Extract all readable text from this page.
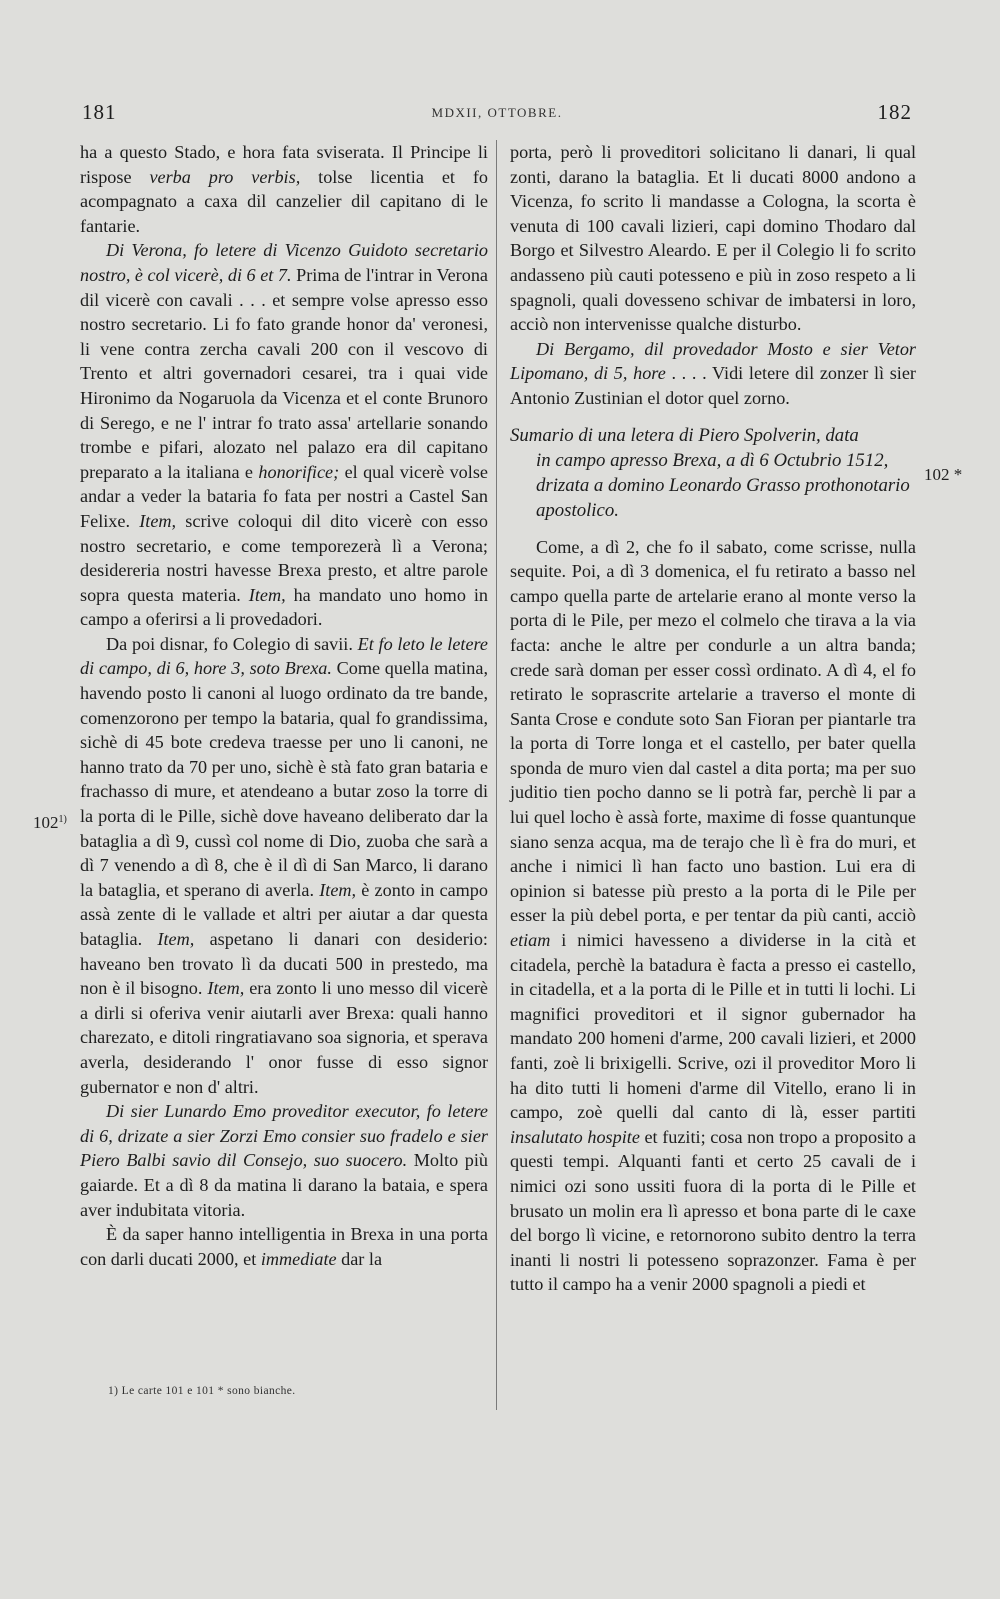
181	MDXII, OTTOBRE.	182
102$^{1)}$
102 *

ha a questo Stado, e hora fata sviserata. Il Principe li rispose verba pro verbis, tolse licentia et fo acompagnato a caxa dil canzelier dil capitano di le fantarie.

Di Verona, fo letere di Vicenzo Guidoto secretario nostro, è col vicerè, di 6 et 7. Prima de l'intrar in Verona dil vicerè con cavali . . . et sempre volse apresso esso nostro secretario. Li fo fato grande honor da' veronesi, li vene contra zercha cavali 200 con il vescovo di Trento et altri governadori cesarei, tra i quai vide Hironimo da Nogaruola da Vicenza et el conte Brunoro di Serego, e ne l' intrar fo trato assa' artellarie sonando trombe e pifari, alozato nel palazo era dil capitano preparato a la italiana e honorifice; el qual vicerè volse andar a veder la bataria fo fata per nostri a Castel San Felixe. Item, scrive coloqui dil dito vicerè con esso nostro secretario, e come temporezerà lì a Verona; desidereria nostri havesse Brexa presto, et altre parole sopra questa materia. Item, ha mandato uno homo in campo a oferirsi a li provedadori.

Da poi disnar, fo Colegio di savii. Et fo leto le letere di campo, di 6, hore 3, soto Brexa. Come quella matina, havendo posto li canoni al luogo ordinato da tre bande, comenzorono per tempo la bataria, qual fo grandissima, sichè di 45 bote credeva traesse per uno li canoni, ne hanno trato da 70 per uno, sichè è stà fato gran bataria e frachasso di mure, et atendeano a butar zoso la torre di la porta di le Pille, sichè dove haveano deliberato dar la bataglia a dì 9, cussì col nome di Dio, zuoba che sarà a dì 7 venendo a dì 8, che è il dì di San Marco, li darano la bataglia, et sperano di averla. Item, è zonto in campo assà zente di le vallade et altri per aiutar a dar questa bataglia. Item, aspetano li danari con desiderio: haveano ben trovato lì da ducati 500 in prestedo, ma non è il bisogno. Item, era zonto li uno messo dil vicerè a dirli si oferiva venir aiutarli aver Brexa: quali hanno charezato, e ditoli ringratiavano soa signoria, et sperava averla, desiderando l' onor fusse di esso signor gubernator e non d' altri.

Di sier Lunardo Emo proveditor executor, fo letere di 6, drizate a sier Zorzi Emo consier suo fradelo e sier Piero Balbi savio dil Consejo, suo suocero. Molto più gaiarde. Et a dì 8 da matina li darano la bataia, e spera aver indubitata vitoria.

È da saper hanno intelligentia in Brexa in una porta con darli ducati 2000, et immediate dar la

1) Le carte 101 e 101 * sono bianche.

porta, però li proveditori solicitano li danari, li qual zonti, darano la bataglia. Et li ducati 8000 andono a Vicenza, fo scrito li mandasse a Cologna, la scorta è venuta di 100 cavali lizieri, capi domino Thodaro dal Borgo et Silvestro Aleardo. E per il Colegio li fo scrito andasseno più cauti potesseno e più in zoso respeto a li spagnoli, quali dovesseno schivar de imbatersi in loro, acciò non intervenisse qualche disturbo.

Di Bergamo, dil provedador Mosto e sier Vetor Lipomano, di 5, hore . . . . Vidi letere dil zonzer lì sier Antonio Zustinian el dotor quel zorno.

Sumario di una letera di Piero Spolverin, data
in campo apresso Brexa, a dì 6 Octubrio 1512, drizata a domino Leonardo Grasso prothonotario apostolico.

Come, a dì 2, che fo il sabato, come scrisse, nulla sequite. Poi, a dì 3 domenica, el fu retirato a basso nel campo quella parte de artelarie erano al monte verso la porta di le Pile, per mezo el colmelo che tirava a la via facta: anche le altre per condurle a un altra banda; crede sarà doman per esser cossì ordinato. A dì 4, el fo retirato le soprascrite artelarie a traverso el monte di Santa Crose e condute soto San Fioran per piantarle tra la porta di Torre longa et el castello, per bater quella sponda de muro vien dal castel a dita porta; ma per suo juditio tien pocho danno se li potrà far, perchè li par a lui quel locho è assà forte, maxime di fosse quantunque siano senza acqua, ma de terajo che lì è fra do muri, et anche i nimici lì han facto uno bastion. Lui era di opinion si batesse più presto a la porta di le Pile per esser la più debel porta, e per tentar da più canti, acciò etiam i nimici havesseno a dividerse in la cità et citadela, perchè la batadura è facta a presso ei castello, in citadella, et a la porta di le Pille et in tutti li lochi. Li magnifici proveditori et il signor gubernador ha mandato 200 homeni d'arme, 200 cavali lizieri, et 2000 fanti, zoè li brixigelli. Scrive, ozi il proveditor Moro li ha dito tutti li homeni d'arme dil Vitello, erano li in campo, zoè quelli dal canto di là, esser partiti insalutato hospite et fuziti; cosa non tropo a proposito a questi tempi. Alquanti fanti et certo 25 cavali de i nimici ozi sono ussiti fuora di la porta di le Pille et brusato un molin era lì apresso et bona parte di le caxe del borgo lì vicine, e retornorono subito dentro la terra inanti li nostri li potesseno soprazonzer. Fama è per tutto il campo ha a venir 2000 spagnoli a piedi et
